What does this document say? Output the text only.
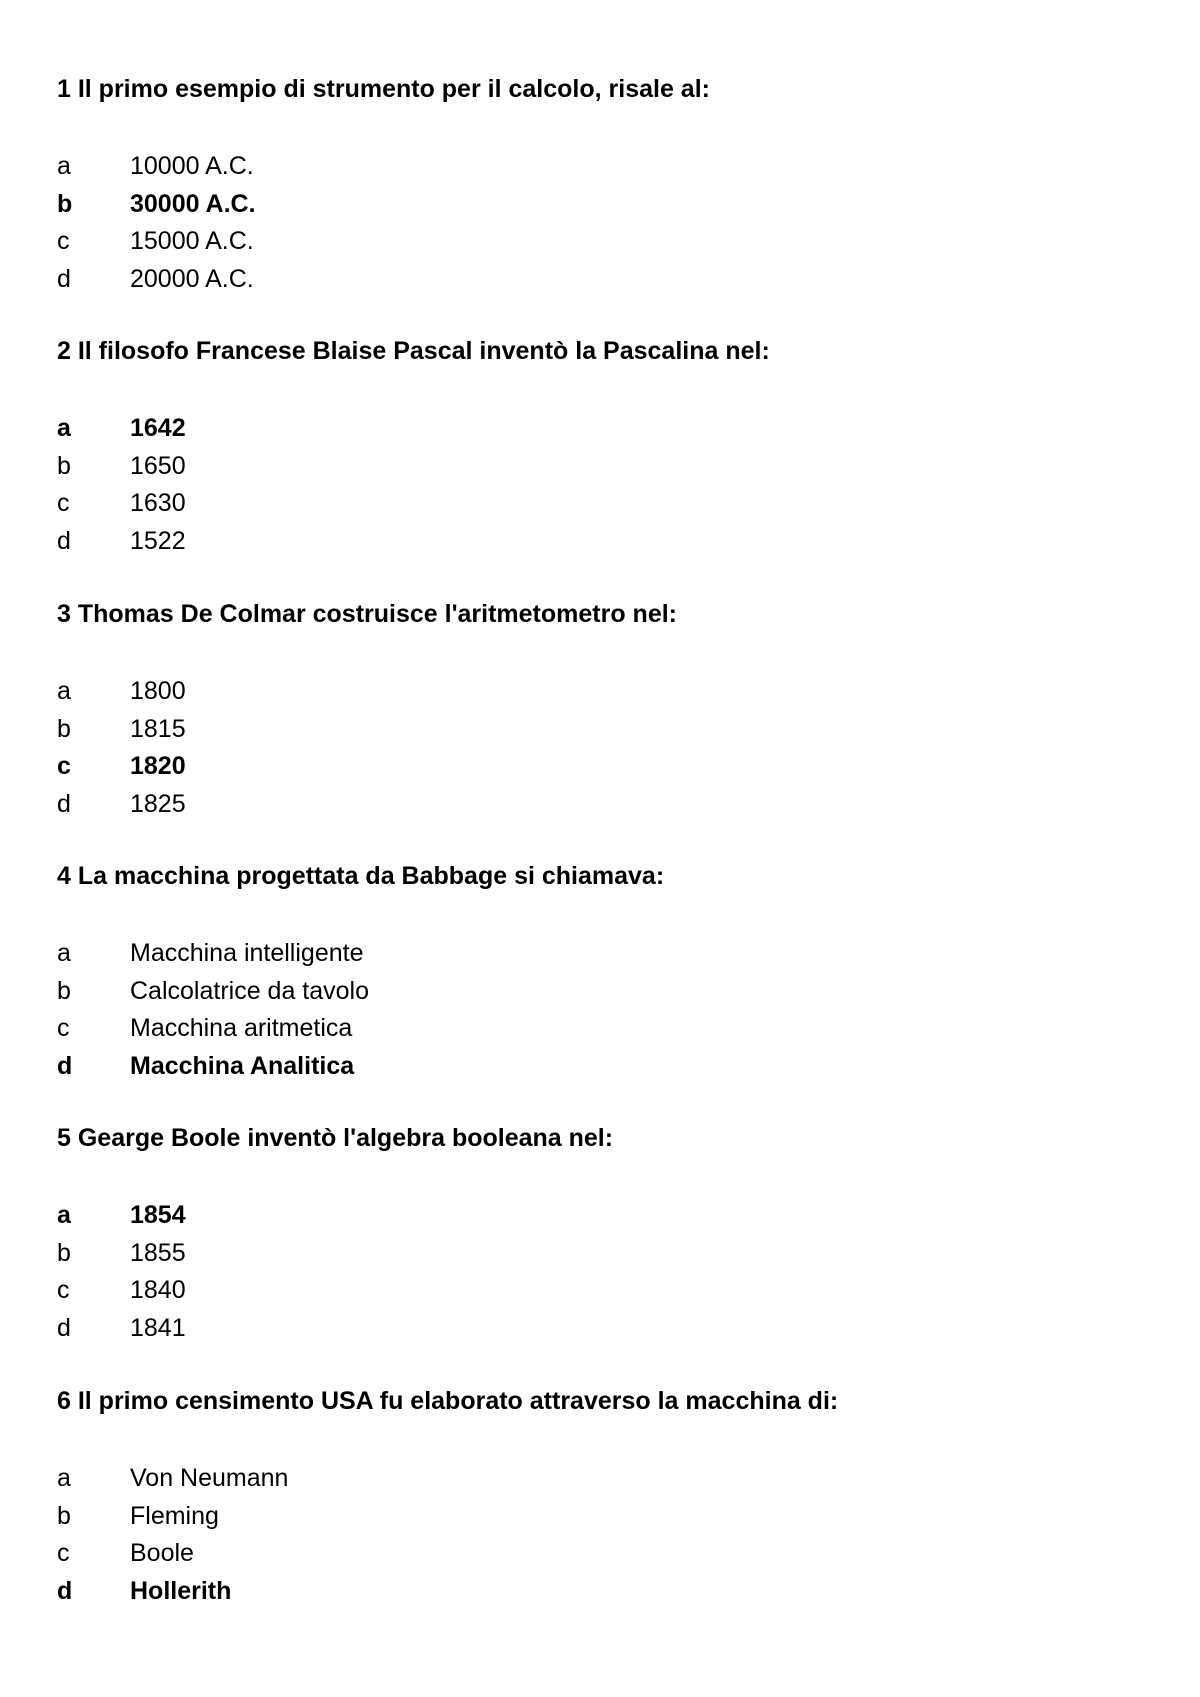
1 Il primo esempio di strumento per il calcolo, risale al:
a	10000 A.C.
b	30000 A.C.
c	15000 A.C.
d	20000 A.C.
2 Il filosofo Francese Blaise Pascal inventò la Pascalina nel:
a	1642
b	1650
c	1630
d	1522
3 Thomas De Colmar costruisce l'aritmetometro nel:
a	1800
b	1815
c	1820
d	1825
4 La macchina progettata da Babbage si chiamava:
a	Macchina intelligente
b	Calcolatrice da tavolo
c	Macchina aritmetica
d	Macchina Analitica
5 Gearge Boole inventò l'algebra booleana nel:
a	1854
b	1855
c	1840
d	1841
6 Il primo censimento USA fu elaborato attraverso la macchina di:
a	Von Neumann
b	Fleming
c	Boole
d	Hollerith
